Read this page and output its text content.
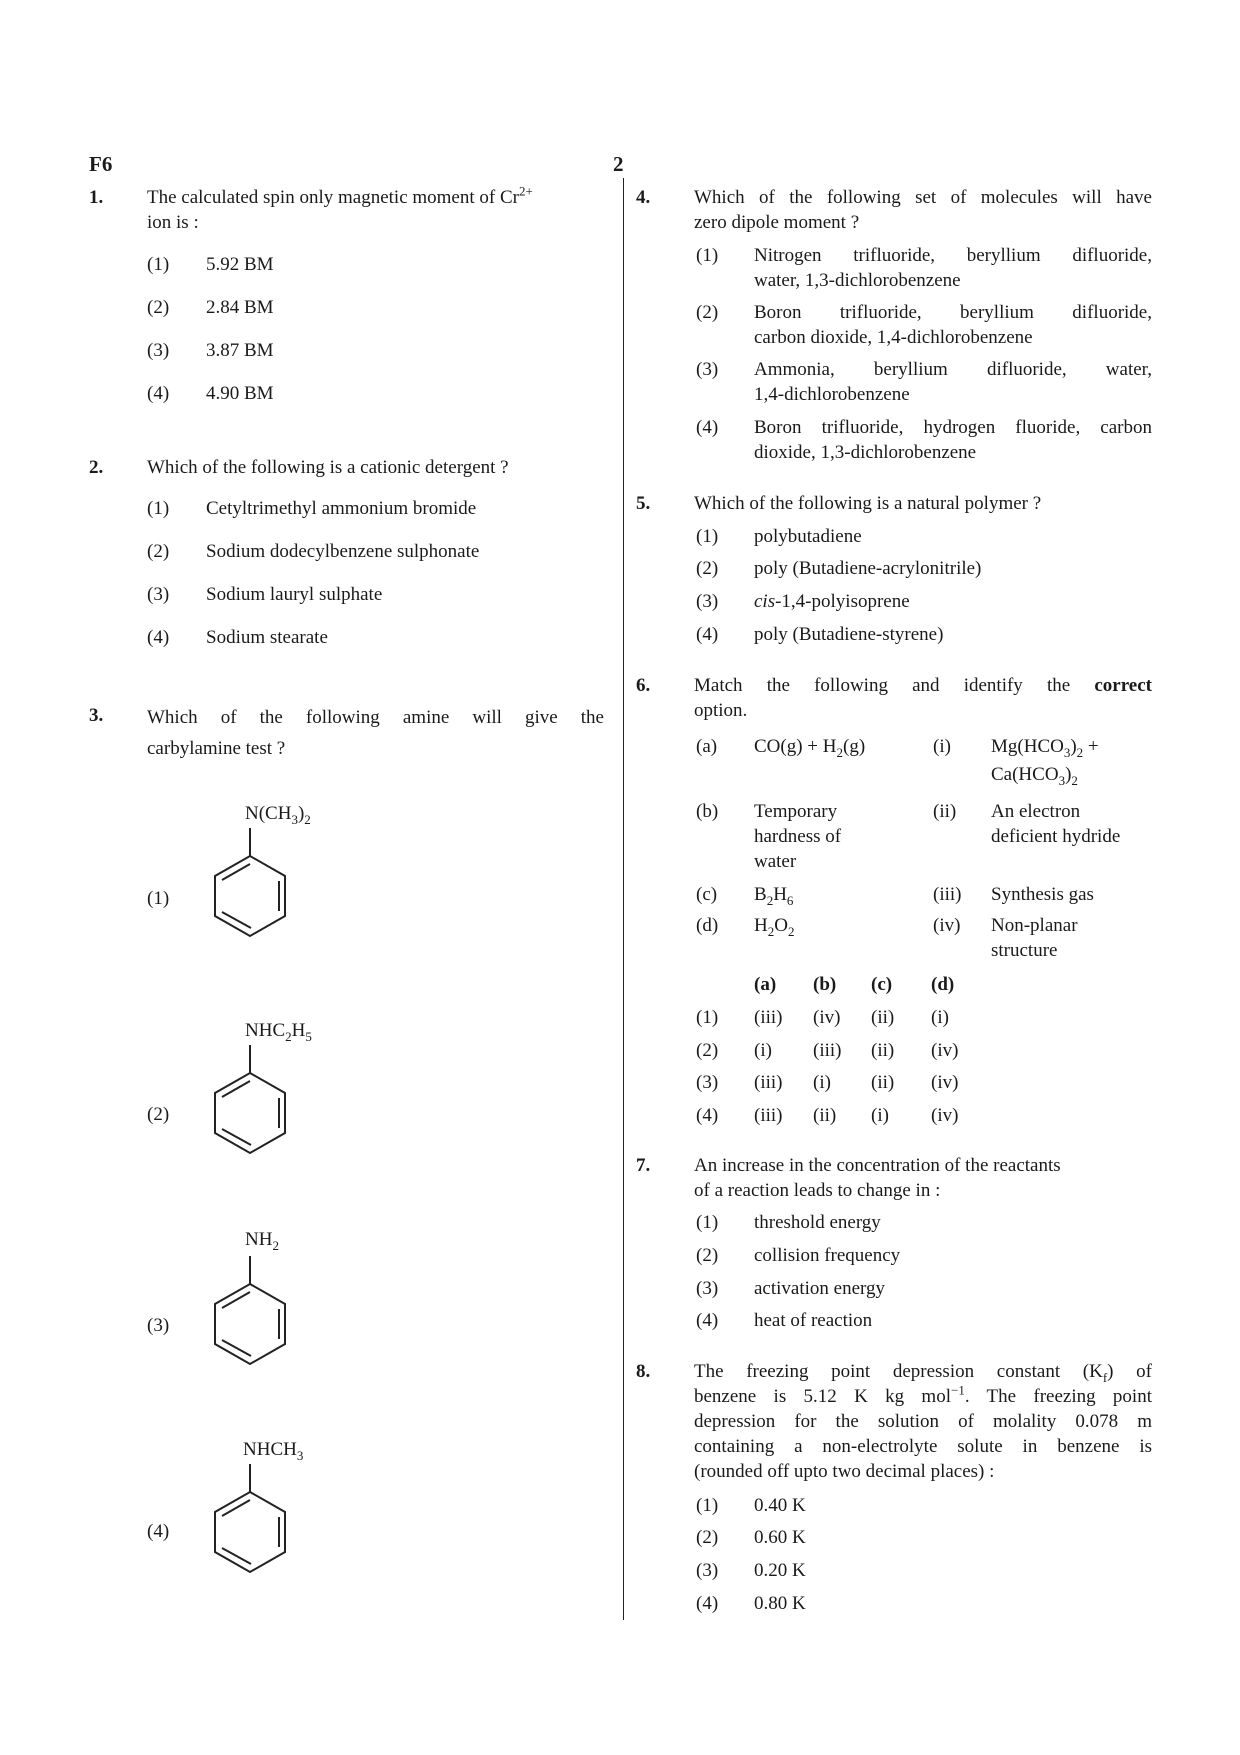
F6	2
1. The calculated spin only magnetic moment of $Cr^{2+}$
ion is :
(1) 5.92 BM
(2) 2.84 BM
(3) 3.87 BM
(4) 4.90 BM
2. Which of the following is a cationic detergent ?
(1) Cetyltrimethyl ammonium bromide
(2) Sodium dodecylbenzene sulphonate
(3) Sodium lauryl sulphate
(4) Sodium stearate
3. Which of the following amine will give the
carbylamine test ?
(1)
$N(CH_3)_2$
(2)
$NHC_2H_5$
(3)
$NH_2$
(4)
$NHCH_3$
4. Which of the following set of molecules will have
zero dipole moment ?
(1) Nitrogen trifluoride, beryllium difluoride,
water, 1,3-dichlorobenzene
(2) Boron trifluoride, beryllium difluoride,
carbon dioxide, 1,4-dichlorobenzene
(3) Ammonia, beryllium difluoride, water,
1,4-dichlorobenzene
(4) Boron trifluoride, hydrogen fluoride, carbon
dioxide, 1,3-dichlorobenzene
5. Which of the following is a natural polymer ?
(1) polybutadiene
(2) poly (Butadiene-acrylonitrile)
(3) cis-1,4-polyisoprene
(4) poly (Butadiene-styrene)
6. Match the following and identify the correct
option.
(a) $CO(g) + H_2(g)$
(b) Temporary
hardness of
water
(c) $B_2H_6$
(d) $H_2O_2$
(i) $Mg(HCO_3)_2$ +
$Ca(HCO_3)_2$
(ii) An electron
deficient hydride
(iii) Synthesis gas
(iv) Non-planar
structure
(a) (b) (c) (d)
(1) (iii) (iv) (ii) (i)
(2) (i) (iii) (ii) (iv)
(3) (iii) (i) (ii) (iv)
(4) (iii) (ii) (i) (iv)
7. An increase in the concentration of the reactants
of a reaction leads to change in :
(1) threshold energy
(2) collision frequency
(3) activation energy
(4) heat of reaction
8. The freezing point depression constant $(K_f)$ of
benzene is 5.12 K kg mol$^{-1}$. The freezing point
depression for the solution of molality 0.078 m
containing a non-electrolyte solute in benzene is
(rounded off upto two decimal places) :
(1) 0.40 K
(2) 0.60 K
(3) 0.20 K
(4) 0.80 K
